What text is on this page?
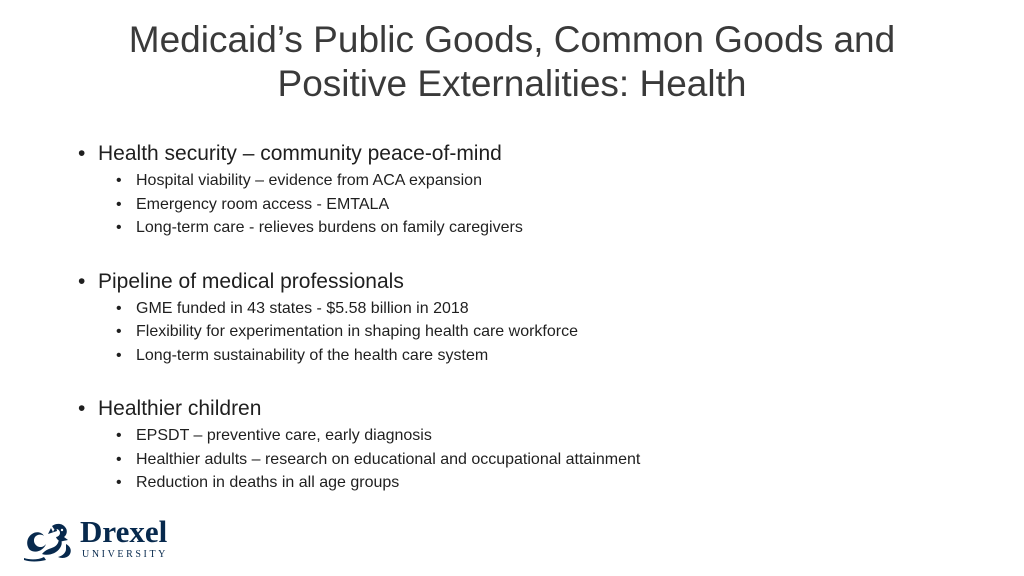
Medicaid’s Public Goods, Common Goods and
Positive Externalities: Health
• Health security – community peace-of-mind
• Hospital viability – evidence from ACA expansion
• Emergency room access - EMTALA
• Long-term care - relieves burdens on family caregivers
• Pipeline of medical professionals
• GME funded in 43 states - $5.58 billion in 2018
• Flexibility for experimentation in shaping health care workforce
• Long-term sustainability of the health care system
• Healthier children
• EPSDT – preventive care, early diagnosis
• Healthier adults – research on educational and occupational attainment
• Reduction in deaths in all age groups
Drexel
UNIVERSITY
